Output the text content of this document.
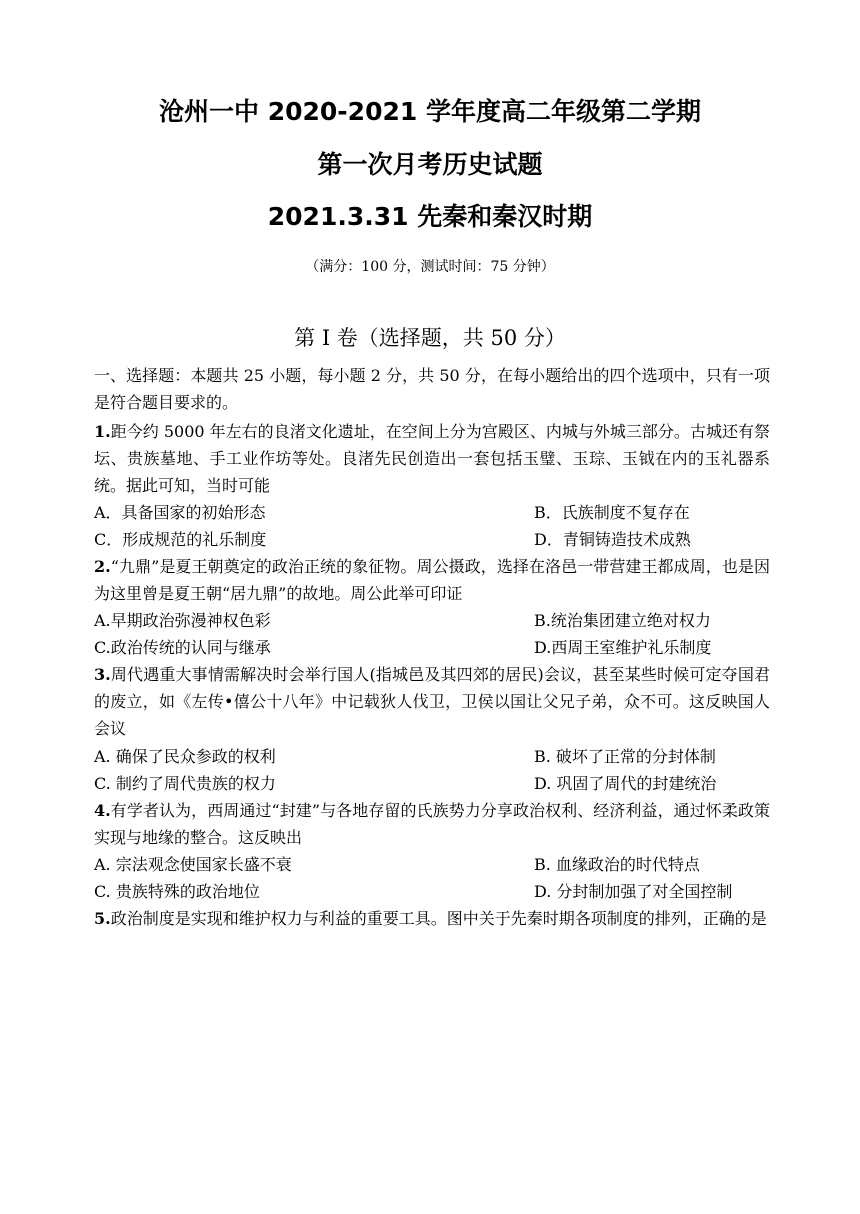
沧州一中 2020-2021 学年度高二年级第二学期
第一次月考历史试题
2021.3.31 先秦和秦汉时期
（满分：100 分，测试时间：75 分钟）
第 I 卷（选择题，共 50 分）
一、选择题：本题共 25 小题，每小题 2 分，共 50 分，在每小题给出的四个选项中，只有一项是符合题目要求的。
1.距今约 5000 年左右的良渚文化遗址，在空间上分为宫殿区、内城与外城三部分。古城还有祭坛、贵族墓地、手工业作坊等处。良渚先民创造出一套包括玉璧、玉琮、玉钺在内的玉礼器系统。据此可知，当时可能
A．具备国家的初始形态	B．氏族制度不复存在
C．形成规范的礼乐制度	D．青铜铸造技术成熟
2.“九鼎”是夏王朝奠定的政治正统的象征物。周公摄政，选择在洛邑一带营建王都成周，也是因为这里曾是夏王朝“居九鼎”的故地。周公此举可印证
A.早期政治弥漫神权色彩	B.统治集团建立绝对权力
C.政治传统的认同与继承	D.西周王室维护礼乐制度
3.周代遇重大事情需解决时会举行国人(指城邑及其四郊的居民)会议，甚至某些时候可定夺国君的废立，如《左传•僖公十八年》中记载狄人伐卫，卫侯以国让父兄子弟，众不可。这反映国人会议
A. 确保了民众参政的权利	B. 破坏了正常的分封体制
C. 制约了周代贵族的权力	D. 巩固了周代的封建统治
4.有学者认为，西周通过“封建”与各地存留的氏族势力分享政治权利、经济利益，通过怀柔政策实现与地缘的整合。这反映出
A. 宗法观念使国家长盛不衰	B. 血缘政治的时代特点
C. 贵族特殊的政治地位	D. 分封制加强了对全国控制
5.政治制度是实现和维护权力与利益的重要工具。图中关于先秦时期各项制度的排列，正确的是
